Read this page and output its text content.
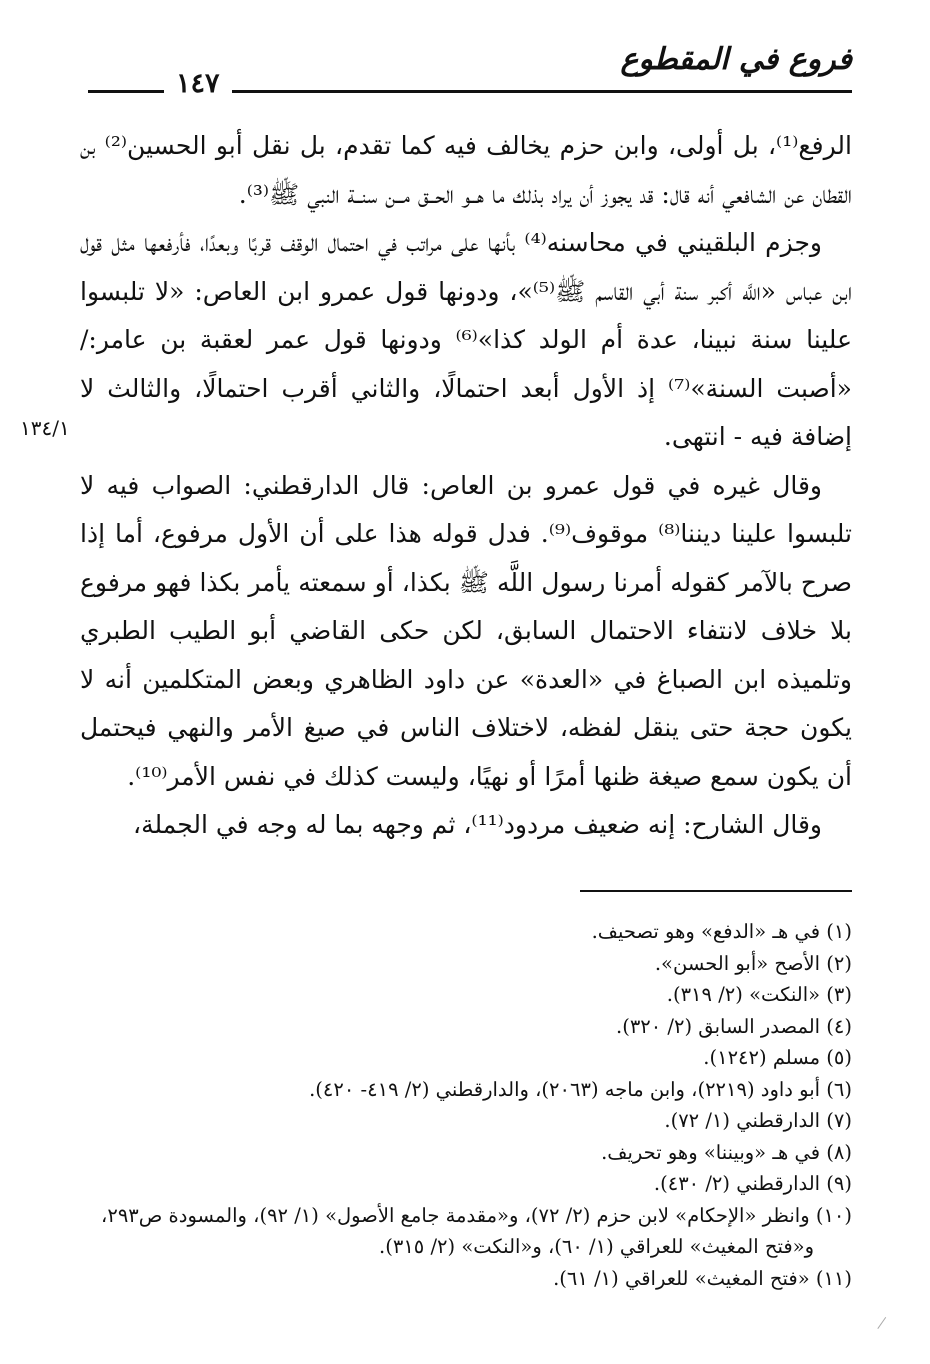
فروع في المقطوع
١٤٧
١٣٤/١

الرفع⁽¹⁾، بل أولى، وابن حزم يخالف فيه كما تقدم، بل نقل أبو الحسين⁽²⁾ بن القطان عن الشافعي أنه قال: قد يجوز أن يراد بذلك ما هــو الحــق مــن سنــة النبي ﷺ⁽³⁾.

وجزم البلقيني في محاسنه⁽⁴⁾ بأنها على مراتب في احتمال الوقف قربًا وبعدًا، فأرفعها مثل قول ابن عباس «اللَّه أكبر سنة أبي القاسم ﷺ⁽⁵⁾»، ودونها قول عمرو ابن العاص: «لا تلبسوا علينا سنة نبينا، عدة أم الولد كذا»⁽⁶⁾ ودونها قول عمر لعقبة بن عامر:/ «أصبت السنة»⁽⁷⁾ إذ الأول أبعد احتمالًا، والثاني أقرب احتمالًا، والثالث لا إضافة فيه - انتهى.

وقال غيره في قول عمرو بن العاص: قال الدارقطني: الصواب فيه لا تلبسوا علينا ديننا⁽⁸⁾ موقوف⁽⁹⁾. فدل قوله هذا على أن الأول مرفوع، أما إذا صرح بالآمر كقوله أمرنا رسول اللَّه ﷺ بكذا، أو سمعته يأمر بكذا فهو مرفوع بلا خلاف لانتفاء الاحتمال السابق، لكن حكى القاضي أبو الطيب الطبري وتلميذه ابن الصباغ في «العدة» عن داود الظاهري وبعض المتكلمين أنه لا يكون حجة حتى ينقل لفظه، لاختلاف الناس في صيغ الأمر والنهي فيحتمل أن يكون سمع صيغة ظنها أمرًا أو نهيًا، وليست كذلك في نفس الأمر⁽¹⁰⁾.

وقال الشارح: إنه ضعيف مردود⁽¹¹⁾، ثم وجهه بما له وجه في الجملة،

(١) في هـ «الدفع» وهو تصحيف.

(٢) الأصح «أبو الحسن».

(٣) «النكت» (٢/ ٣١٩).

(٤) المصدر السابق (٢/ ٣٢٠).

(٥) مسلم (١٢٤٢).

(٦) أبو داود (٢٢١٩)، وابن ماجه (٢٠٦٣)، والدارقطني (٢/ ٤١٩- ٤٢٠).

(٧) الدارقطني (١/ ٧٢).

(٨) في هـ «وبيننا» وهو تحريف.

(٩) الدارقطني (٢/ ٤٣٠).

(١٠) وانظر «الإحكام» لابن حزم (٢/ ٧٢)، و«مقدمة جامع الأصول» (١/ ٩٢)، والمسودة ص٢٩٣،

و«فتح المغيث» للعراقي (١/ ٦٠)، و«النكت» (٢/ ٣١٥).

(١١) «فتح المغيث» للعراقي (١/ ٦١).
